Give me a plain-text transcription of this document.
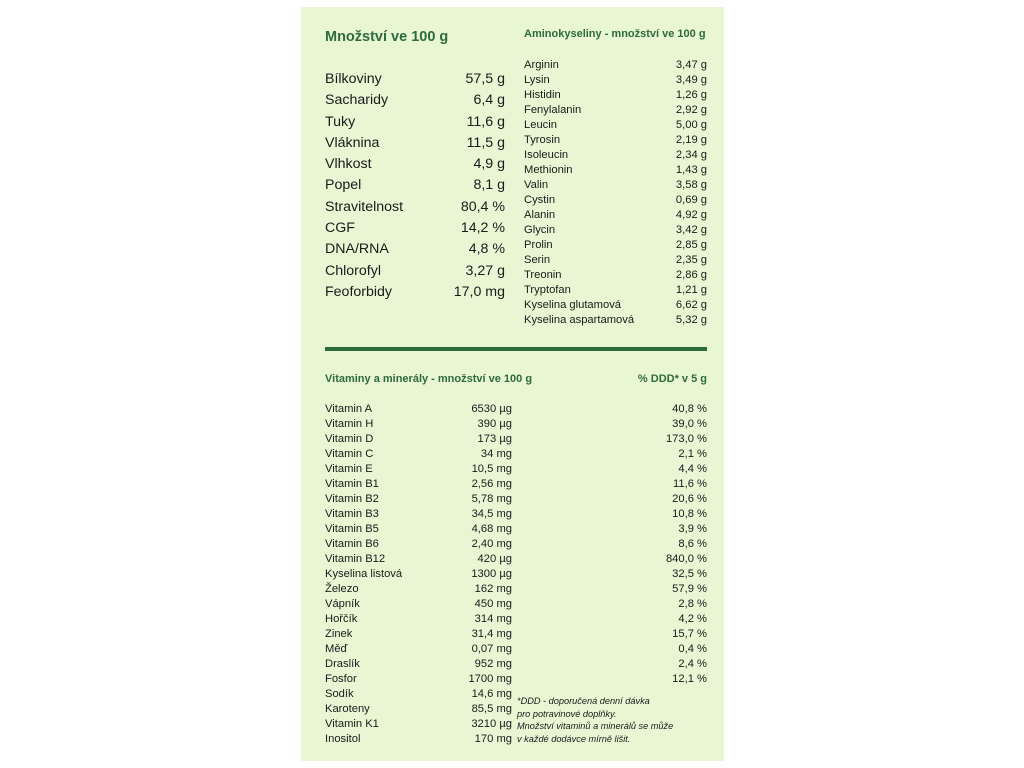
Množství ve 100 g	Aminokyseliny - množství ve 100 g
Bílkoviny	57,5 g
Sacharidy	6,4 g
Tuky	11,6 g
Vláknina	11,5 g
Vlhkost	4,9 g
Popel	8,1 g
Stravitelnost	80,4 %
CGF	14,2 %
DNA/RNA	4,8 %
Chlorofyl	3,27 g
Feoforbidy	17,0 mg
Arginin	3,47 g
Lysin	3,49 g
Histidin	1,26 g
Fenylalanin	2,92 g
Leucin	5,00 g
Tyrosin	2,19 g
Isoleucin	2,34 g
Methionin	1,43 g
Valin	3,58 g
Cystin	0,69 g
Alanin	4,92 g
Glycin	3,42 g
Prolin	2,85 g
Serin	2,35 g
Treonin	2,86 g
Tryptofan	1,21 g
Kyselina glutamová	6,62 g
Kyselina aspartamová	5,32 g
Vitaminy a minerály - množství ve 100 g	% DDD* v 5 g
Vitamin A	6530 µg	40,8 %
Vitamin H	390 µg	39,0 %
Vitamin D	173 µg	173,0 %
Vitamin C	34 mg	2,1 %
Vitamin E	10,5 mg	4,4 %
Vitamin B1	2,56 mg	11,6 %
Vitamin B2	5,78 mg	20,6 %
Vitamin B3	34,5 mg	10,8 %
Vitamin B5	4,68 mg	3,9 %
Vitamin B6	2,40 mg	8,6 %
Vitamin B12	420 µg	840,0 %
Kyselina listová	1300 µg	32,5 %
Železo	162 mg	57,9 %
Vápník	450 mg	2,8 %
Hořčík	314 mg	4,2 %
Zinek	31,4 mg	15,7 %
Měď	0,07 mg	0,4 %
Draslík	952 mg	2,4 %
Fosfor	1700 mg	12,1 %
Sodík	14,6 mg
Karoteny	85,5 mg
Vitamin K1	3210 µg
Inositol	170 mg
*DDD - doporučená denní dávka
pro potravinové doplňky.
Množství vitaminů a minerálů se může
v každé dodávce mírně lišit.
